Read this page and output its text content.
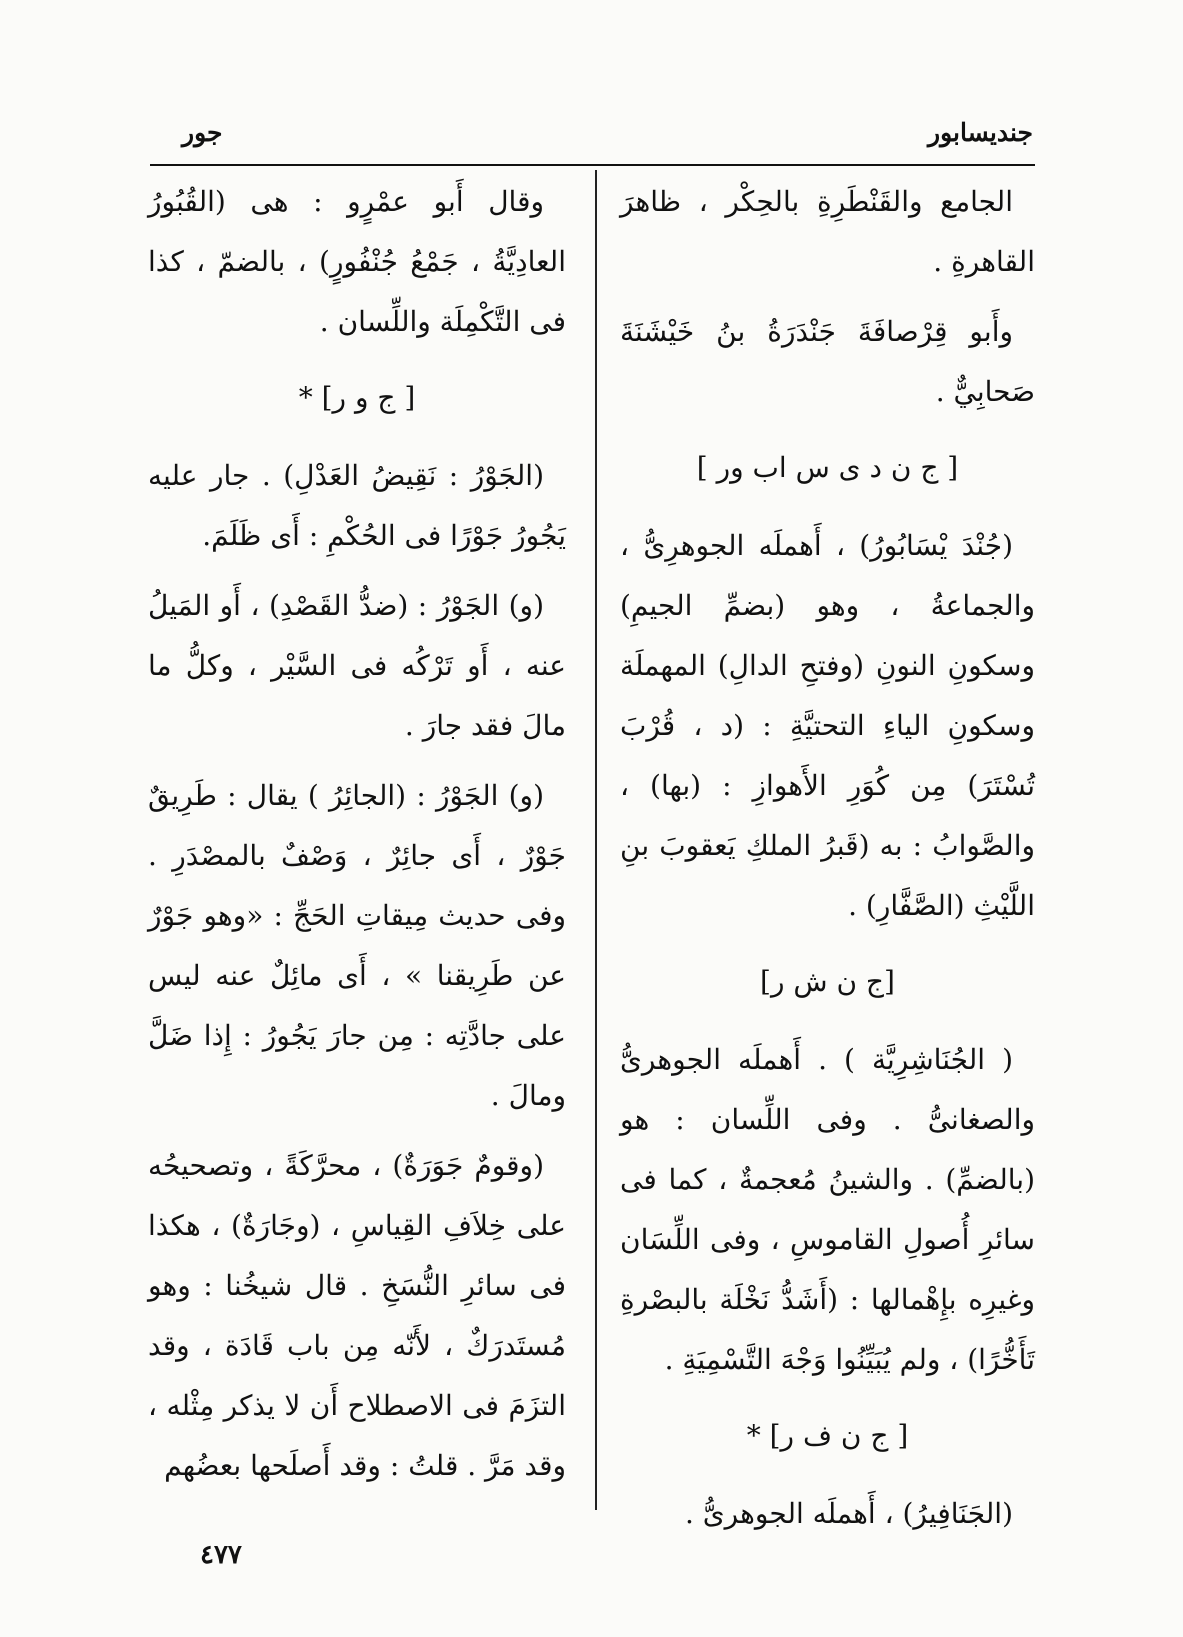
جنديسابور
جور

الجامع والقَنْطَرِةِ بالحِكْر ، ظاهرَ القاهرةِ .

وأَبو قِرْصافَةَ جَنْدَرَةُ بنُ خَيْشَنَةَ صَحابِيٌّ .

[ ج ن د ى س اب ور ]

(جُنْدَ يْسَابُورُ) ، أَهملَه الجوهرِىُّ ، والجماعةُ ، وهو (بضمِّ الجيمِ) وسكونِ النونِ (وفتحِ الدالِ) المهملَة وسكونِ الياءِ التحتيَّةِ : (د ، قُرْبَ تُسْتَرَ) مِن كُوَرِ الأَهوازِ : (بها) ، والصَّوابُ : به (قَبرُ الملكِ يَعقوبَ بنِ اللَّيْثِ (الصَّفَّارِ) .

[ج ن ش ر]

( الجُنَاشِرِيَّة ) . أَهملَه الجوهرىُّ والصغانىُّ . وفى اللِّسان : هو (بالضمِّ) . والشينُ مُعجمةٌ ، كما فى سائرِ أُصولِ القاموسِ ، وفى اللِّسَان وغيرِه بإِهْمالها : (أَشَدُّ نَخْلَة بالبصْرةِ تَأَخُّرًا) ، ولم يُبَيِّنُوا وَجْهَ التَّسْمِيَةِ .

[ ج ن ف ر] *

(الجَنَافِيرُ) ، أَهملَه الجوهرىُّ .

وقال أَبو عمْرٍو : هى (القُبُورُ العادِيَّةُ ، جَمْعُ جُنْفُورٍ) ، بالضمّ ، كذا فى التَّكْمِلَة واللِّسان .

[ ج و ر] *

(الجَوْرُ : نَقِيضُ العَدْلِ) . جار عليه يَجُورُ جَوْرًا فى الحُكْمِ : أَى ظَلَمَ.

(و) الجَوْرُ : (ضدُّ القَصْدِ) ، أَو المَيلُ عنه ، أَو تَرْكُه فى السَّيْر ، وكلُّ ما مالَ فقد جارَ .

(و) الجَوْرُ : (الجائِرُ ) يقال : طَرِيقٌ جَوْرٌ ، أَى جائِرٌ ، وَصْفٌ بالمصْدَرِ . وفى حديث مِيقاتِ الحَجِّ : «وهو جَوْرٌ عن طَرِيقنا » ، أَى مائِلٌ عنه ليس على جادَّتِه : مِن جارَ يَجُورُ : إِذا ضَلَّ ومالَ .

(وقومٌ جَوَرَةٌ) ، محرَّكَةً ، وتصحيحُه على خِلاَفِ القِياسِ ، (وجَارَةٌ) ، هكذا فى سائرِ النُّسَخِ . قال شيخُنا : وهو مُستَدرَكٌ ، لأَنّه مِن باب قَادَة ، وقد التزَمَ فى الاصطلاح أَن لا يذكر مِثْله ، وقد مَرَّ . قلتُ : وقد أَصلَحها بعضُهم

٤٧٧
